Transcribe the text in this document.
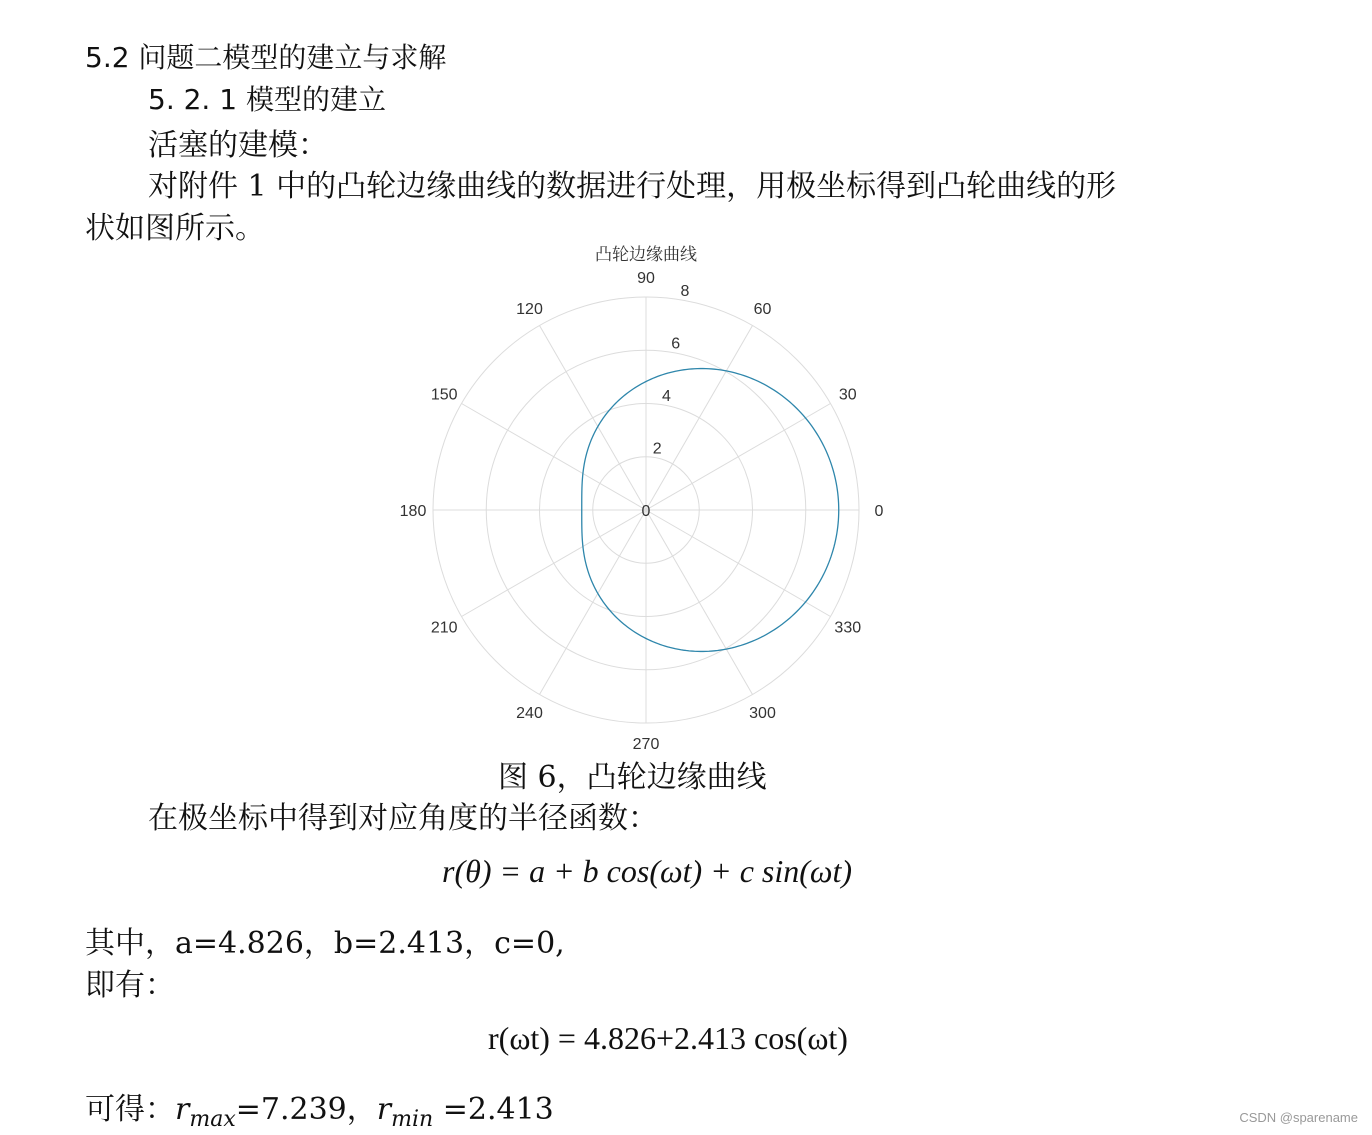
5.2 问题二模型的建立与求解
5. 2. 1 模型的建立
活塞的建模：
对附件 1 中的凸轮边缘曲线的数据进行处理，用极坐标得到凸轮曲线的形
状如图所示。
0
30
60
90
120
150
180
210
240
270
300
330
0
2
4
6
8
凸轮边缘曲线
图 6，凸轮边缘曲线
在极坐标中得到对应角度的半径函数：
r(θ) = a + b cos(ωt) + c sin(ωt)
其中，a=4.826，b=2.413，c=0,
即有：
r(ωt) = 4.826+2.413 cos(ωt)
可得：$r_{max}=7.239$，$r_{min} =2.413$	CSDN @sparename
